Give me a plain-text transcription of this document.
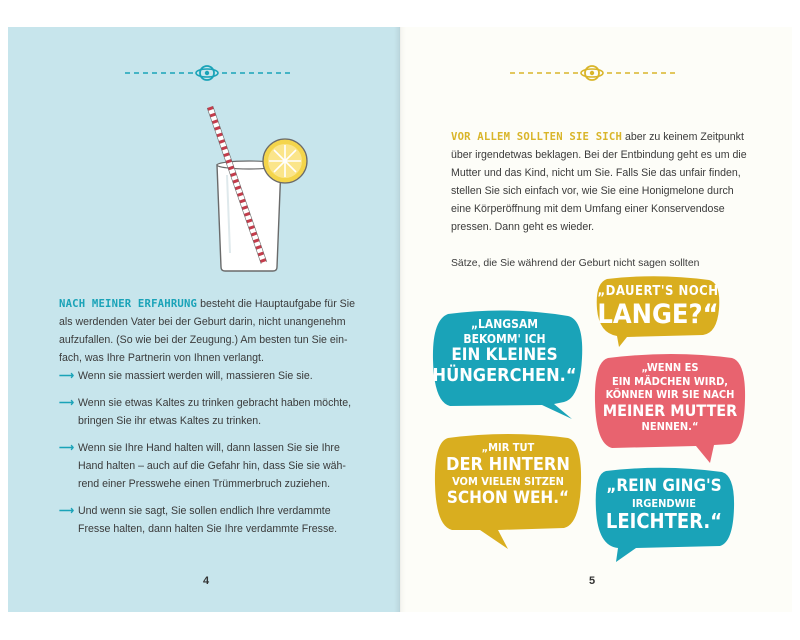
NACH MEINER ERFAHRUNG besteht die Hauptaufgabe für Sie
als werdenden Vater bei der Geburt darin, nicht unangenehm
aufzufallen. (So wie bei der Zeugung.) Am besten tun Sie ein-
fach, was Ihre Partnerin von Ihnen verlangt.
⟶ Wenn sie massiert werden will, massieren Sie sie.
⟶ Wenn sie etwas Kaltes zu trinken gebracht haben möchte,
bringen Sie ihr etwas Kaltes zu trinken.
⟶ Wenn sie Ihre Hand halten will, dann lassen Sie sie Ihre
Hand halten – auch auf die Gefahr hin, dass Sie sie wäh-
rend einer Presswehe einen Trümmerbruch zuziehen.
⟶ Und wenn sie sagt, Sie sollen endlich Ihre verdammte
Fresse halten, dann halten Sie Ihre verdammte Fresse.
4
VOR ALLEM SOLLTEN SIE SICH aber zu keinem Zeitpunkt
über irgendetwas beklagen. Bei der Entbindung geht es um die
Mutter und das Kind, nicht um Sie. Falls Sie das unfair finden,
stellen Sie sich einfach vor, wie Sie eine Honigmelone durch
eine Körperöffnung mit dem Umfang einer Konservendose
pressen. Dann geht es wieder.
Sätze, die Sie während der Geburt nicht sagen sollten
„DAUERT'S NOCH
LANGE?“
„LANGSAM
BEKOMM' ICH
EIN KLEINES
HÜNGERCHEN.“	„WENN ES
EIN MÄDCHEN WIRD,
KÖNNEN WIR SIE NACH
MEINER MUTTER
NENNEN.“
„MIR TUT
DER HINTERN
VOM VIELEN SITZEN
SCHON WEH.“
„REIN GING'S
IRGENDWIE
LEICHTER.“
5
